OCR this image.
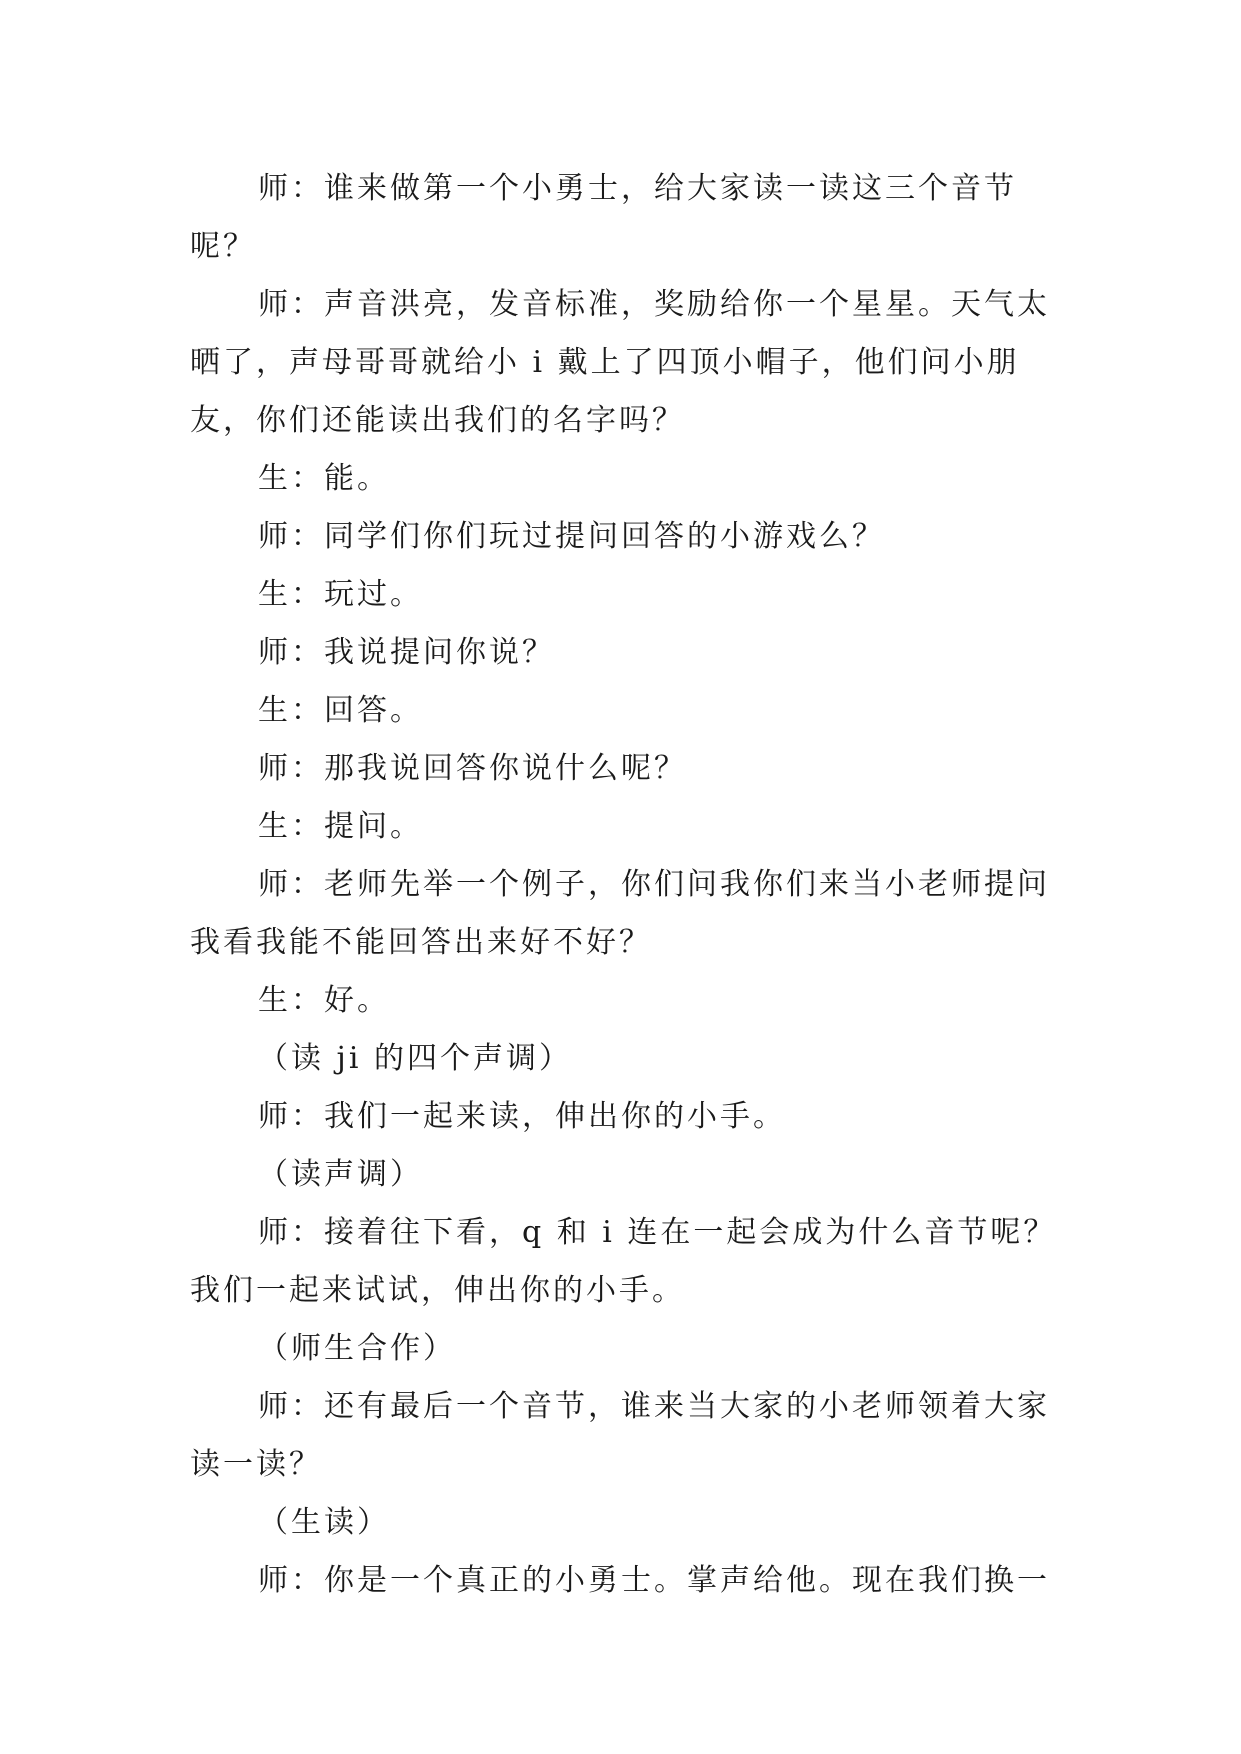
师：谁来做第一个小勇士，给大家读一读这三个音节呢？

师：声音洪亮，发音标准，奖励给你一个星星。天气太晒了，声母哥哥就给小 i 戴上了四顶小帽子，他们问小朋友，你们还能读出我们的名字吗？

生：能。

师：同学们你们玩过提问回答的小游戏么？

生：玩过。

师：我说提问你说？

生：回答。

师：那我说回答你说什么呢？

生：提问。

师：老师先举一个例子，你们问我你们来当小老师提问我看我能不能回答出来好不好？

生：好。

（读 ji 的四个声调）

师：我们一起来读，伸出你的小手。

（读声调）

师：接着往下看，q 和 i 连在一起会成为什么音节呢？我们一起来试试，伸出你的小手。

（师生合作）

师：还有最后一个音节，谁来当大家的小老师领着大家读一读？

（生读）

师：你是一个真正的小勇士。掌声给他。现在我们换一
